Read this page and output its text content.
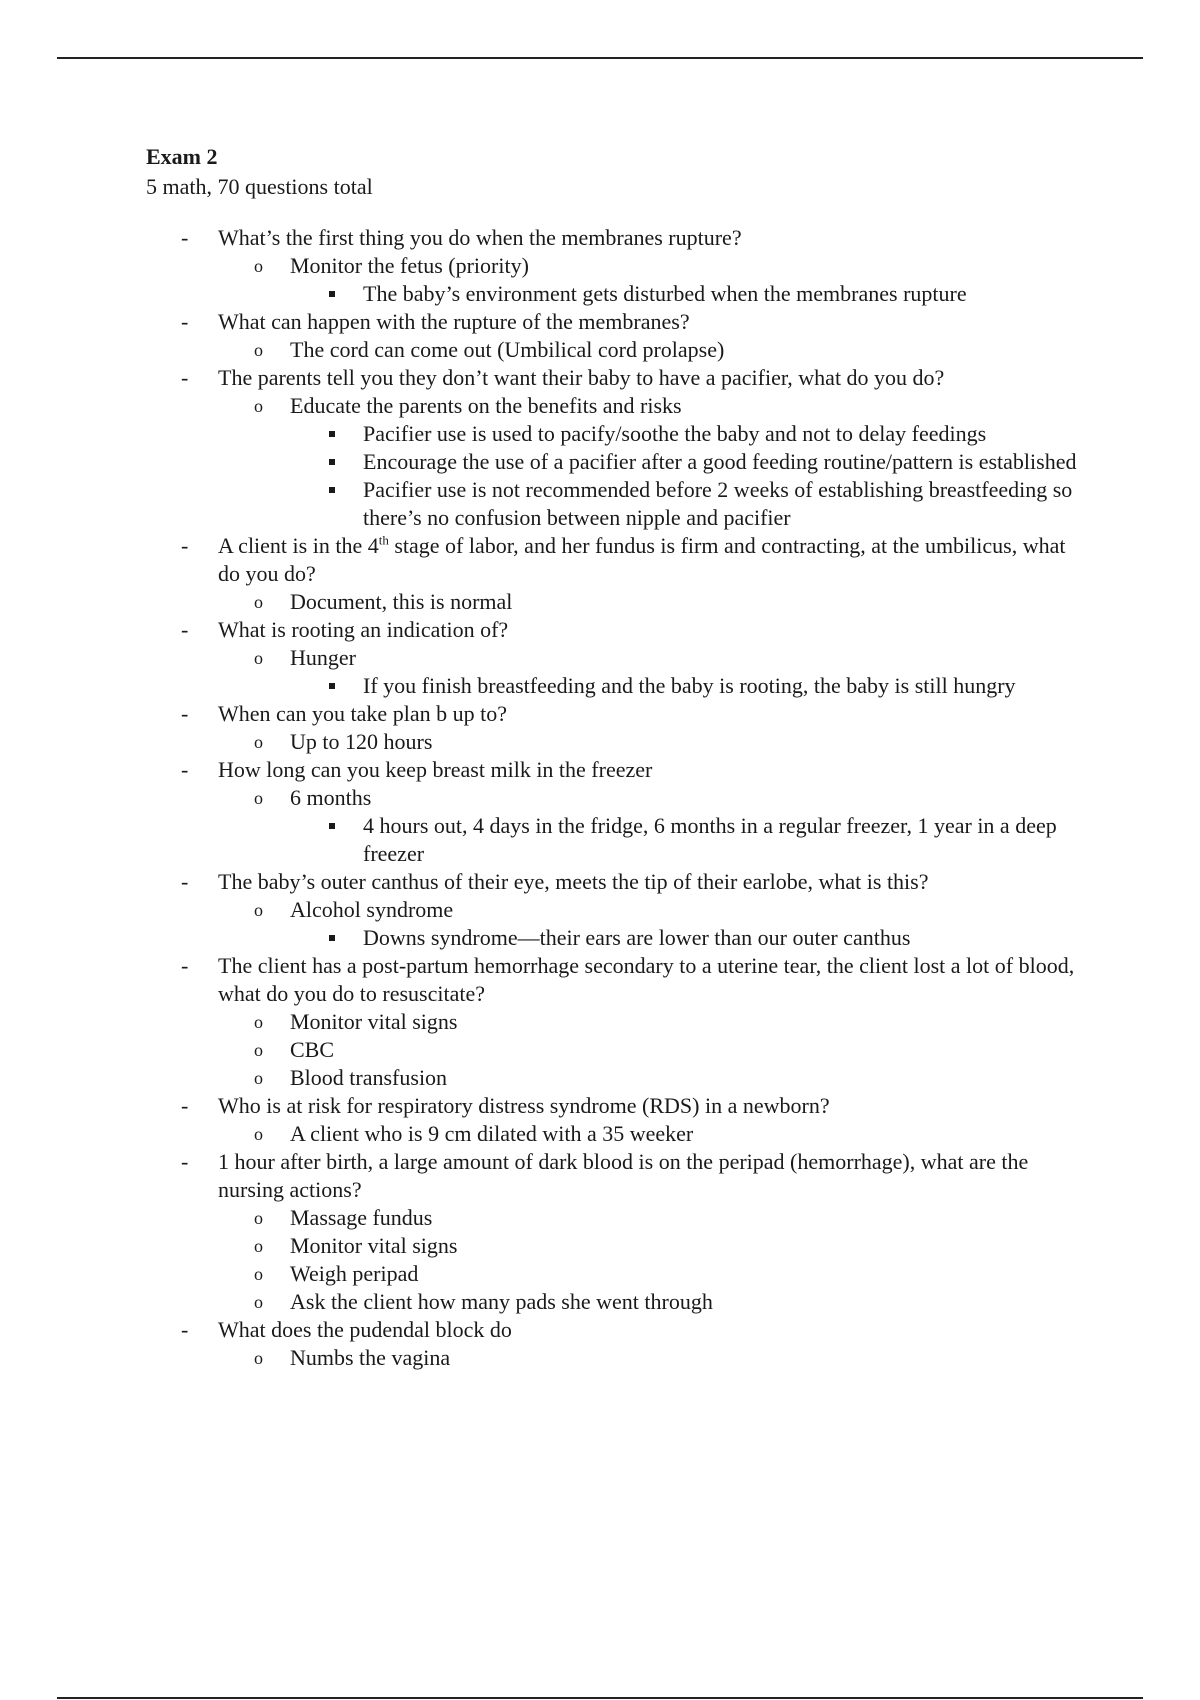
Exam 2
5 math, 70 questions total
- What’s the first thing you do when the membranes rupture?
o Monitor the fetus (priority)
The baby’s environment gets disturbed when the membranes rupture
- What can happen with the rupture of the membranes?
o The cord can come out (Umbilical cord prolapse)
- The parents tell you they don’t want their baby to have a pacifier, what do you do?
o Educate the parents on the benefits and risks
Pacifier use is used to pacify/soothe the baby and not to delay feedings
Encourage the use of a pacifier after a good feeding routine/pattern is established
Pacifier use is not recommended before 2 weeks of establishing breastfeeding so there’s no confusion between nipple and pacifier
- A client is in the 4th stage of labor, and her fundus is firm and contracting, at the umbilicus, what do you do?
o Document, this is normal
- What is rooting an indication of?
o Hunger
If you finish breastfeeding and the baby is rooting, the baby is still hungry
- When can you take plan b up to?
o Up to 120 hours
- How long can you keep breast milk in the freezer
o 6 months
4 hours out, 4 days in the fridge, 6 months in a regular freezer, 1 year in a deep freezer
- The baby’s outer canthus of their eye, meets the tip of their earlobe, what is this?
o Alcohol syndrome
Downs syndrome—their ears are lower than our outer canthus
- The client has a post-partum hemorrhage secondary to a uterine tear, the client lost a lot of blood, what do you do to resuscitate?
o Monitor vital signs
o CBC
o Blood transfusion
- Who is at risk for respiratory distress syndrome (RDS) in a newborn?
o A client who is 9 cm dilated with a 35 weeker
- 1 hour after birth, a large amount of dark blood is on the peripad (hemorrhage), what are the nursing actions?
o Massage fundus
o Monitor vital signs
o Weigh peripad
o Ask the client how many pads she went through
- What does the pudendal block do
o Numbs the vagina
